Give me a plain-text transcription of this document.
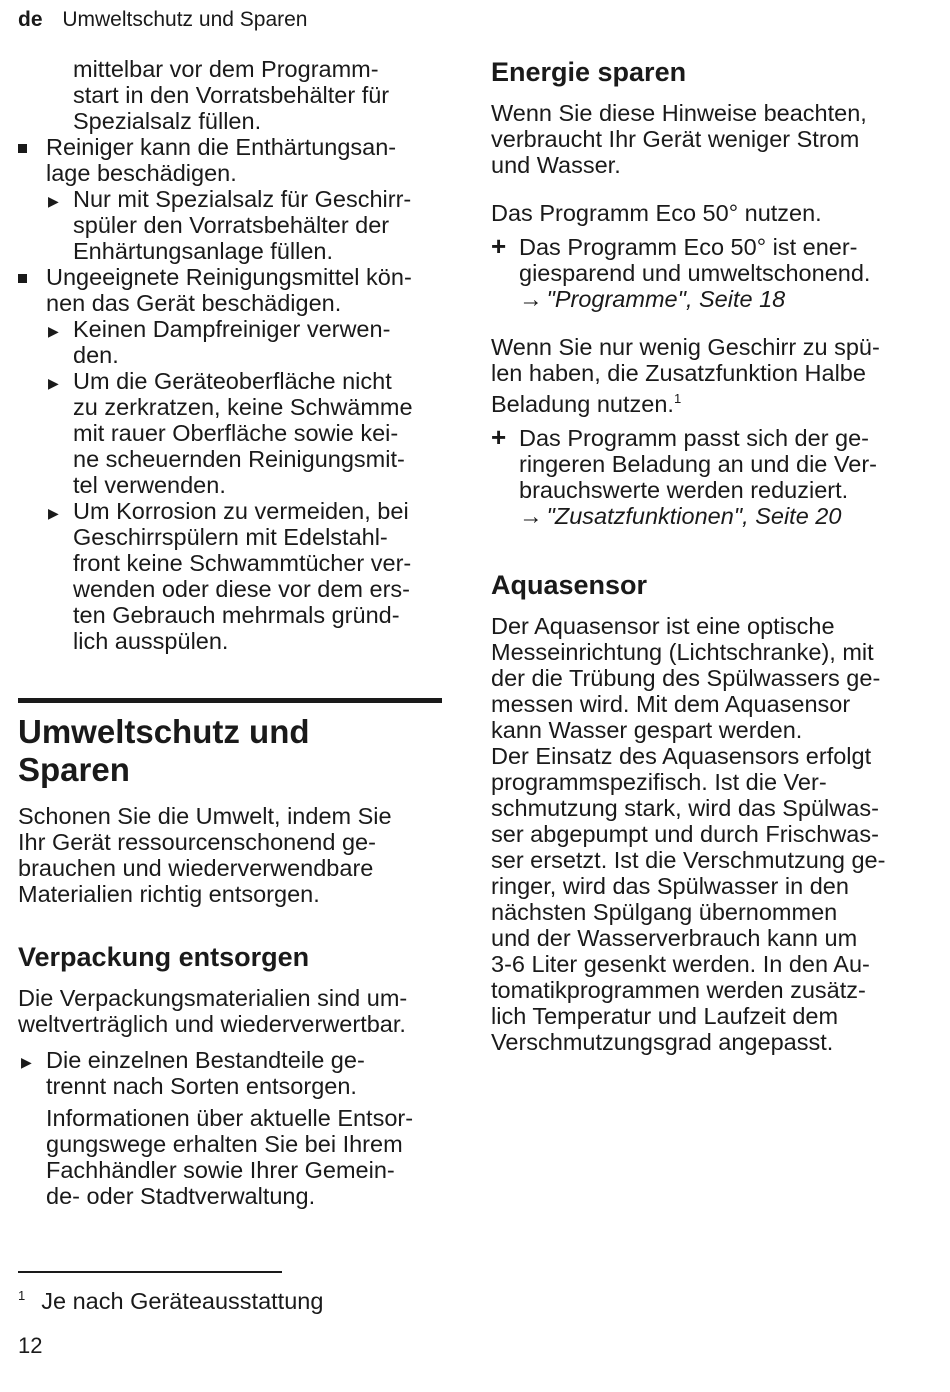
de Umweltschutz und Sparen
mittelbar vor dem Programm-
start in den Vorratsbehälter für
Spezialsalz füllen.
Reiniger kann die Enthärtungsan-
lage beschädigen.
▶ Nur mit Spezialsalz für Geschirr-
spüler den Vorratsbehälter der
Enhärtungsanlage füllen.
Ungeeignete Reinigungsmittel kön-
nen das Gerät beschädigen.
▶ Keinen Dampfreiniger verwen-
den.
▶ Um die Geräteoberfläche nicht
zu zerkratzen, keine Schwämme
mit rauer Oberfläche sowie kei-
ne scheuernden Reinigungsmit-
tel verwenden.
▶ Um Korrosion zu vermeiden, bei
Geschirrspülern mit Edelstahl-
front keine Schwammtücher ver-
wenden oder diese vor dem ers-
ten Gebrauch mehrmals gründ-
lich ausspülen.
Umweltschutz und
Sparen

Schonen Sie die Umwelt, indem Sie

Ihr Gerät ressourcenschonend ge-

brauchen und wiederverwendbare

Materialien richtig entsorgen.

Verpackung entsorgen

Die Verpackungsmaterialien sind um-

weltverträglich und wiederverwertbar.

▶ Die einzelnen Bestandteile ge-
trennt nach Sorten entsorgen.

Informationen über aktuelle Entsor-

gungswege erhalten Sie bei Ihrem

Fachhändler sowie Ihrer Gemein-

de- oder Stadtverwaltung.

Energie sparen

Wenn Sie diese Hinweise beachten,

verbraucht Ihr Gerät weniger Strom

und Wasser.

Das Programm Eco 50° nutzen.

+ Das Programm Eco 50° ist ener-
giesparend und umweltschonend.
→ "Programme", Seite 18

Wenn Sie nur wenig Geschirr zu spü-

len haben, die Zusatzfunktion Halbe

Beladung nutzen.$^1$

+ Das Programm passt sich der ge-
ringeren Beladung an und die Ver-
brauchswerte werden reduziert.
→ "Zusatzfunktionen", Seite 20
Aquasensor

Der Aquasensor ist eine optische

Messeinrichtung (Lichtschranke), mit

der die Trübung des Spülwassers ge-

messen wird. Mit dem Aquasensor

kann Wasser gespart werden.

Der Einsatz des Aquasensors erfolgt

programmspezifisch. Ist die Ver-

schmutzung stark, wird das Spülwas-

ser abgepumpt und durch Frischwas-

ser ersetzt. Ist die Verschmutzung ge-

ringer, wird das Spülwasser in den

nächsten Spülgang übernommen

und der Wasserverbrauch kann um

3-6 Liter gesenkt werden. In den Au-

tomatikprogrammen werden zusätz-

lich Temperatur und Laufzeit dem

Verschmutzungsgrad angepasst.

$^1$ Je nach Geräteausstattung
12
